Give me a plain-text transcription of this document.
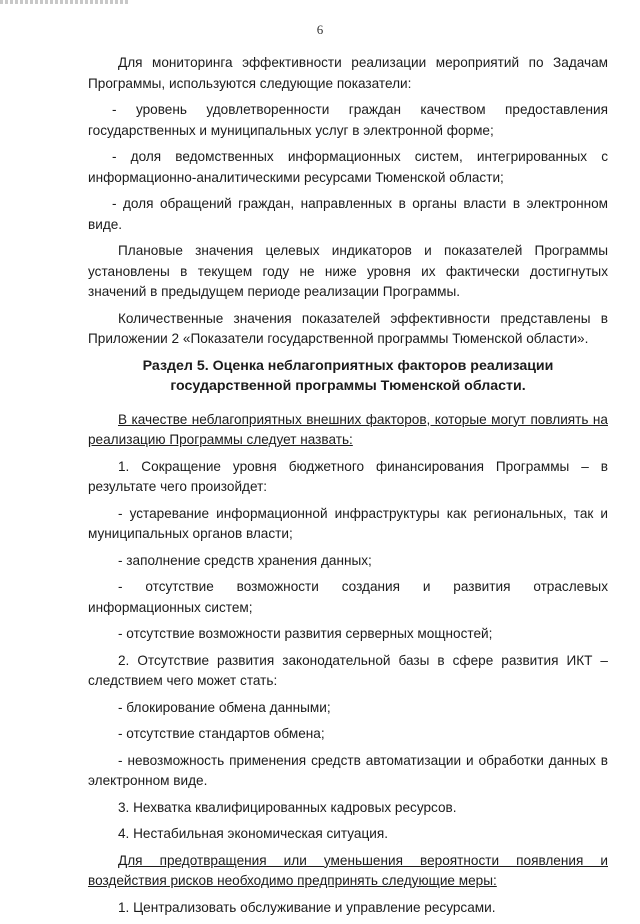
6

Для мониторинга эффективности реализации мероприятий по Задачам Программы, используются следующие показатели:

- уровень удовлетворенности граждан качеством предоставления государственных и муниципальных услуг в электронной форме;

- доля ведомственных информационных систем, интегрированных с информационно-аналитическими ресурсами Тюменской области;

- доля обращений граждан, направленных в органы власти в электронном виде.

Плановые значения целевых индикаторов и показателей Программы установлены в текущем году не ниже уровня их фактически достигнутых значений в предыдущем периоде реализации Программы.

Количественные значения показателей эффективности представлены в Приложении 2 «Показатели государственной программы Тюменской области».

Раздел 5. Оценка неблагоприятных факторов реализации
государственной программы Тюменской области.

В качестве неблагоприятных внешних факторов, которые могут повлиять на реализацию Программы следует назвать:

1. Сокращение уровня бюджетного финансирования Программы – в результате чего произойдет:

- устаревание информационной инфраструктуры как региональных, так и муниципальных органов власти;

- заполнение средств хранения данных;

- отсутствие возможности создания и развития отраслевых информационных систем;

- отсутствие возможности развития серверных мощностей;

2. Отсутствие развития законодательной базы в сфере развития ИКТ – следствием чего может стать:

- блокирование обмена данными;

- отсутствие стандартов обмена;

- невозможность применения средств автоматизации и обработки данных в электронном виде.

3. Нехватка квалифицированных кадровых ресурсов.

4. Нестабильная экономическая ситуация.

Для предотвращения или уменьшения вероятности появления и воздействия рисков необходимо предпринять следующие меры:

1. Централизовать обслуживание и управление ресурсами.
